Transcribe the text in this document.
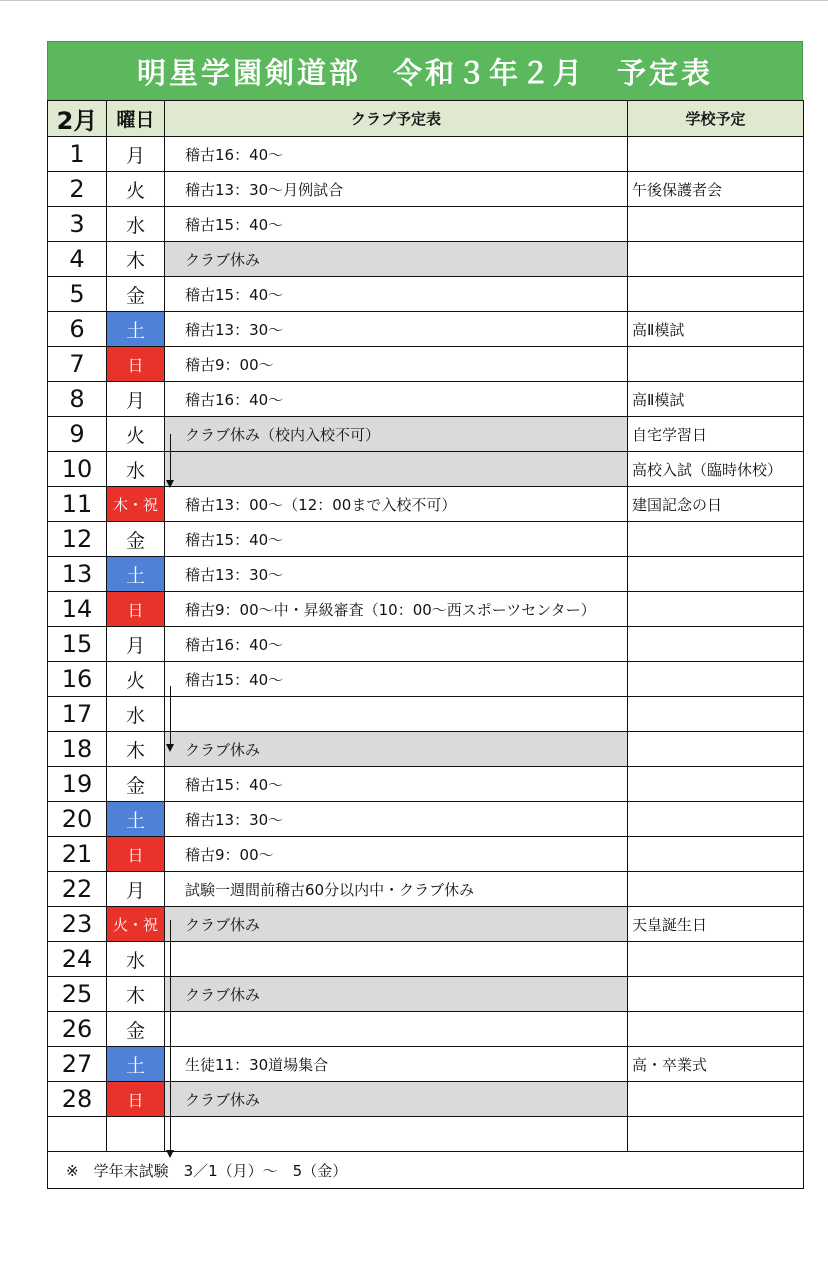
明星学園剣道部　令和３年２月　予定表
2月	曜日	クラブ予定表	学校予定
1	月	稽古16：40～	
2	火	稽古13：30～月例試合	午後保護者会
3	水	稽古15：40～	
4	木	クラブ休み	
5	金	稽古15：40～	
6	土	稽古13：30～	高Ⅱ模試
7	日	稽古9：00～	
8	月	稽古16：40～	高Ⅱ模試
9	火	クラブ休み（校内入校不可）	自宅学習日
10	水		高校入試（臨時休校）
11	木・祝	稽古13：00～（12：00まで入校不可）	建国記念の日
12	金	稽古15：40～	
13	土	稽古13：30～	
14	日	稽古9：00～中・昇級審査（10：00～西スポーツセンター）	
15	月	稽古16：40～	
16	火	稽古15：40～	
17	水		
18	木	クラブ休み	
19	金	稽古15：40～	
20	土	稽古13：30～	
21	日	稽古9：00～	
22	月	試験一週間前稽古60分以内中・クラブ休み	
23	火・祝	クラブ休み	天皇誕生日
24	水		
25	木	クラブ休み	
26	金		
27	土	生徒11：30道場集合	高・卒業式
28	日	クラブ休み	

※　学年末試験　3／1（月）～　5（金）			
